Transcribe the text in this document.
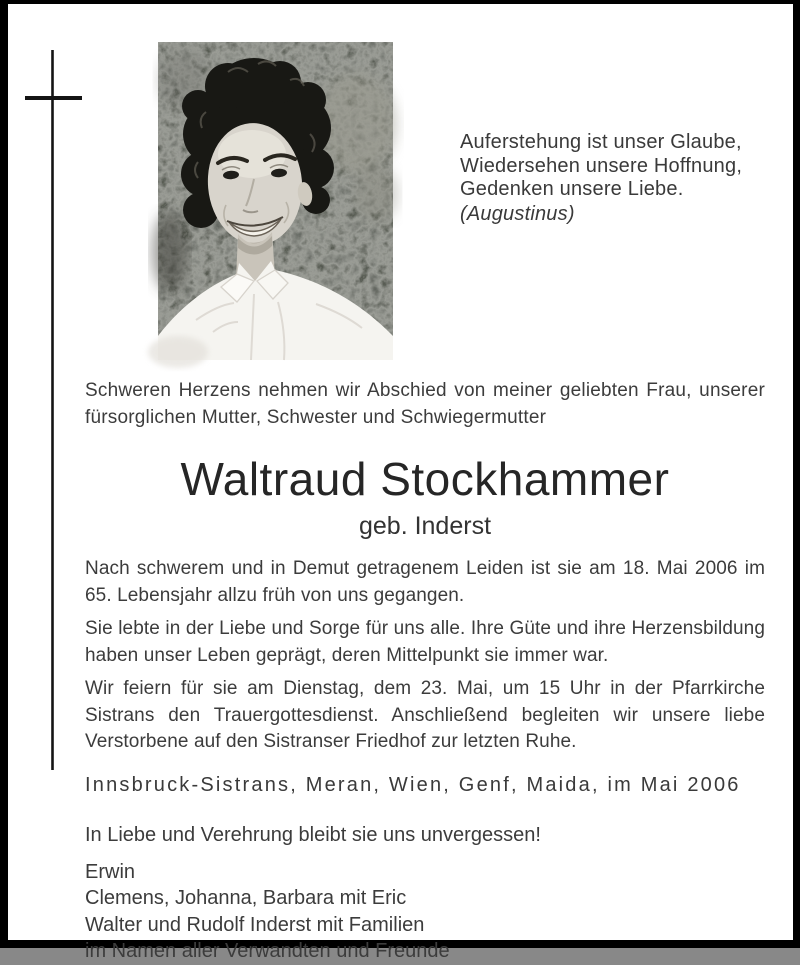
Auferstehung ist unser Glaube,
Wiedersehen unsere Hoffnung,
Gedenken unsere Liebe.
(Augustinus)

Schweren Herzens nehmen wir Abschied von meiner geliebten Frau, unserer fürsorglichen Mutter, Schwester und Schwiegermutter

Waltraud Stockhammer
geb. Inderst

Nach schwerem und in Demut getragenem Leiden ist sie am 18. Mai 2006 im 65. Lebensjahr allzu früh von uns gegangen.

Sie lebte in der Liebe und Sorge für uns alle. Ihre Güte und ihre Herzensbildung haben unser Leben geprägt, deren Mittelpunkt sie immer war.

Wir feiern für sie am Dienstag, dem 23. Mai, um 15 Uhr in der Pfarrkirche Sistrans den Trauergottesdienst. Anschließend begleiten wir unsere liebe Verstorbene auf den Sistranser Friedhof zur letzten Ruhe.

Innsbruck-Sistrans, Meran, Wien, Genf, Maida, im Mai 2006

In Liebe und Verehrung bleibt sie uns unvergessen!

Erwin
Clemens, Johanna, Barbara mit Eric
Walter und Rudolf Inderst mit Familien
im Namen aller Verwandten und Freunde
